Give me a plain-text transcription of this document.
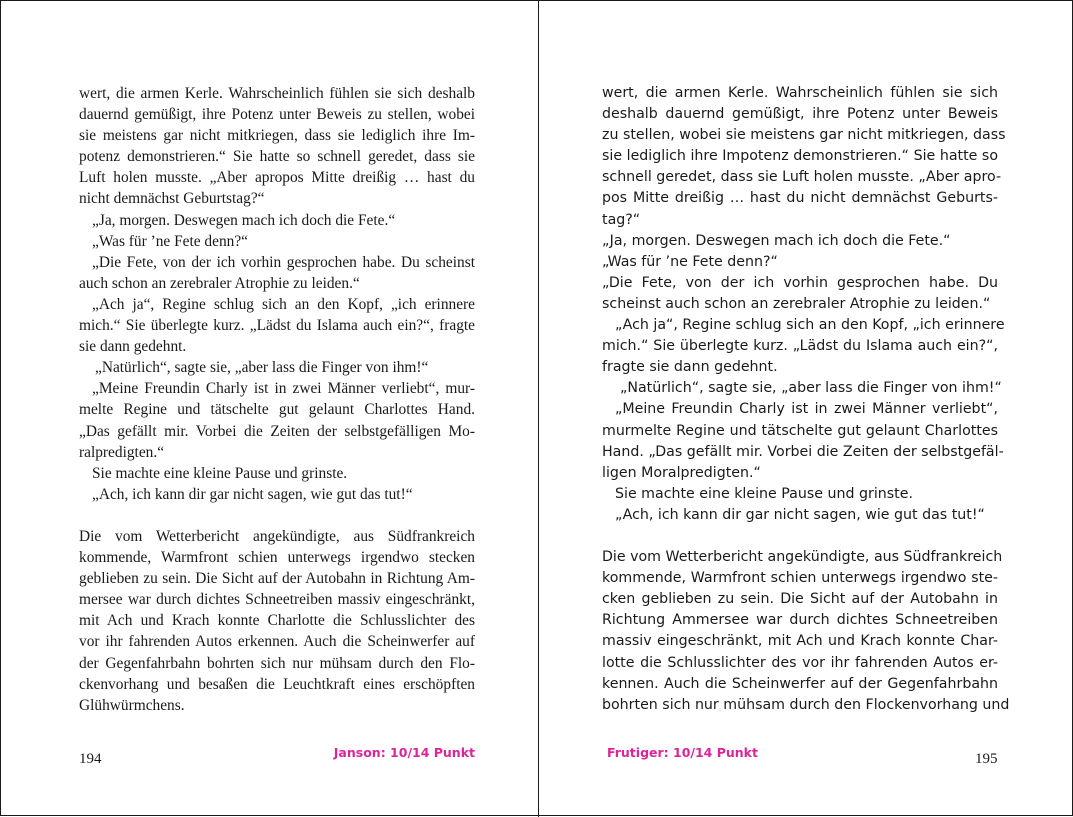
wert, die armen Kerle. Wahrscheinlich fühlen sie sich deshalb
dauernd gemüßigt, ihre Potenz unter Beweis zu stellen, wobei
sie meistens gar nicht mitkriegen, dass sie lediglich ihre Im-
potenz demonstrieren.“ Sie hatte so schnell geredet, dass sie
Luft holen musste. „Aber apropos Mitte dreißig … hast du
nicht demnächst Geburtstag?“
„Ja, morgen. Deswegen mach ich doch die Fete.“
„Was für ’ne Fete denn?“
„Die Fete, von der ich vorhin gesprochen habe. Du scheinst
auch schon an zerebraler Atrophie zu leiden.“
„Ach ja“, Regine schlug sich an den Kopf, „ich erinnere
mich.“ Sie überlegte kurz. „Lädst du Islama auch ein?“, fragte
sie dann gedehnt.
„Natürlich“, sagte sie, „aber lass die Finger von ihm!“
„Meine Freundin Charly ist in zwei Männer verliebt“, mur-
melte Regine und tätschelte gut gelaunt Charlottes Hand.
„Das gefällt mir. Vorbei die Zeiten der selbstgefälligen Mo-
ralpredigten.“
Sie machte eine kleine Pause und grinste.
„Ach, ich kann dir gar nicht sagen, wie gut das tut!“
Die vom Wetterbericht angekündigte, aus Südfrankreich
kommende, Warmfront schien unterwegs irgendwo stecken
geblieben zu sein. Die Sicht auf der Autobahn in Richtung Am-
mersee war durch dichtes Schneetreiben massiv eingeschränkt,
mit Ach und Krach konnte Charlotte die Schlusslichter des
vor ihr fahrenden Autos erkennen. Auch die Scheinwerfer auf
der Gegenfahrbahn bohrten sich nur mühsam durch den Flo-
ckenvorhang und besaßen die Leuchtkraft eines erschöpften
Glühwürmchens.
194	Janson: 10/14 Punkt
wert, die armen Kerle. Wahrscheinlich fühlen sie sich
deshalb dauernd gemüßigt, ihre Potenz unter Beweis
zu stellen, wobei sie meistens gar nicht mitkriegen, dass
sie lediglich ihre Impotenz demonstrieren.“ Sie hatte so
schnell geredet, dass sie Luft holen musste. „Aber apro-
pos Mitte dreißig … hast du nicht demnächst Geburts-
tag?“
„Ja, morgen. Deswegen mach ich doch die Fete.“
„Was für ’ne Fete denn?“
„Die Fete, von der ich vorhin gesprochen habe. Du
scheinst auch schon an zerebraler Atrophie zu leiden.“
„Ach ja“, Regine schlug sich an den Kopf, „ich erinnere
mich.“ Sie überlegte kurz. „Lädst du Islama auch ein?“,
fragte sie dann gedehnt.
„Natürlich“, sagte sie, „aber lass die Finger von ihm!“
„Meine Freundin Charly ist in zwei Männer verliebt“,
murmelte Regine und tätschelte gut gelaunt Charlottes
Hand. „Das gefällt mir. Vorbei die Zeiten der selbstgefäl-
ligen Moralpredigten.“
Sie machte eine kleine Pause und grinste.
„Ach, ich kann dir gar nicht sagen, wie gut das tut!“
Die vom Wetterbericht angekündigte, aus Südfrankreich
kommende, Warmfront schien unterwegs irgendwo ste-
cken geblieben zu sein. Die Sicht auf der Autobahn in
Richtung Ammersee war durch dichtes Schneetreiben
massiv eingeschränkt, mit Ach und Krach konnte Char-
lotte die Schlusslichter des vor ihr fahrenden Autos er-
kennen. Auch die Scheinwerfer auf der Gegenfahrbahn
bohrten sich nur mühsam durch den Flockenvorhang und
Frutiger: 10/14 Punkt	195
